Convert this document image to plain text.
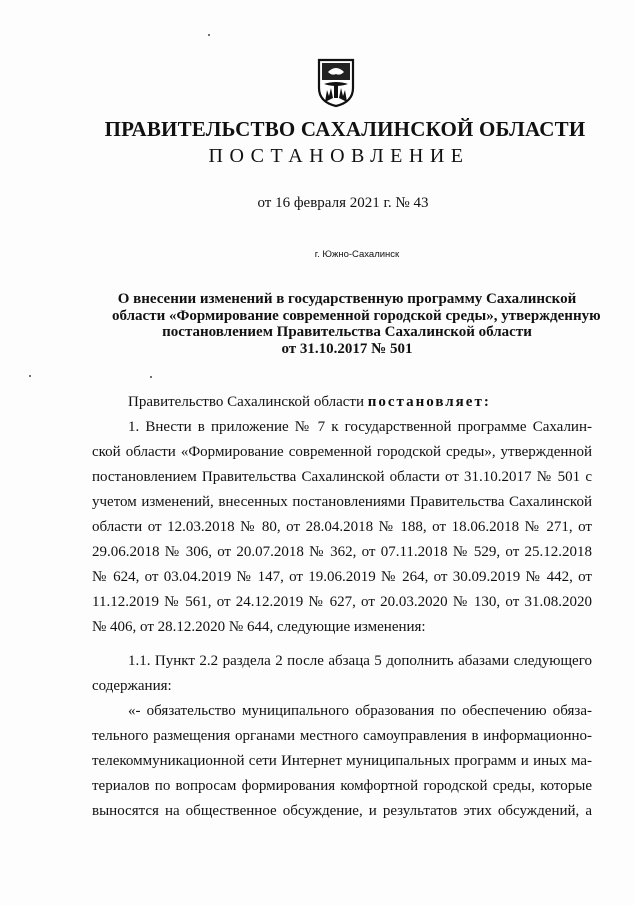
ПРАВИТЕЛЬСТВО САХАЛИНСКОЙ ОБЛАСТИ
ПОСТАНОВЛЕНИЕ
от 16 февраля 2021 г. № 43
г. Южно-Сахалинск
О внесении изменений в государственную программу Сахалинской
области «Формирование современной городской среды», утвержденную
постановлением Правительства Сахалинской области
от 31.10.2017 № 501
Правительство Сахалинской области постановляет:
1. Внести в приложение № 7 к государственной программе Сахалин-
ской области «Формирование современной городской среды», утвержденной
постановлением Правительства Сахалинской области от 31.10.2017 № 501 с
учетом изменений, внесенных постановлениями Правительства Сахалинской
области от 12.03.2018 № 80, от 28.04.2018 № 188, от 18.06.2018 № 271, от
29.06.2018 № 306, от 20.07.2018 № 362, от 07.11.2018 № 529, от 25.12.2018
№ 624, от 03.04.2019 № 147, от 19.06.2019 № 264, от 30.09.2019 № 442, от
11.12.2019 № 561, от 24.12.2019 № 627, от 20.03.2020 № 130, от 31.08.2020
№ 406, от 28.12.2020 № 644, следующие изменения:
1.1. Пункт 2.2 раздела 2 после абзаца 5 дополнить абазами следующего
содержания:
«- обязательство муниципального образования по обеспечению обяза-
тельного размещения органами местного самоуправления в информационно-
телекоммуникационной сети Интернет муниципальных программ и иных ма-
териалов по вопросам формирования комфортной городской среды, которые
выносятся на общественное обсуждение, и результатов этих обсуждений, а
